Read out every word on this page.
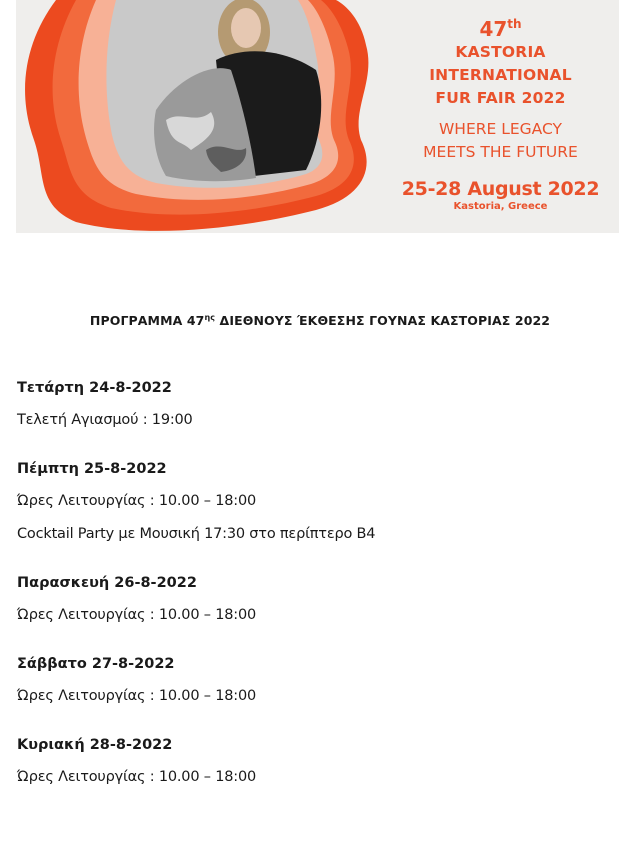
47th
KASTORIA
INTERNATIONAL
FUR FAIR 2022
WHERE LEGACY
MEETS THE FUTURE
25-28 August 2022
Kastoria, Greece
ΠΡΟΓΡΑΜΜΑ $47^{\eta\varsigma}$ ΔΙΕΘΝΟΥΣ ΈΚΘΕΣΗΣ ΓΟΥΝΑΣ ΚΑΣΤΟΡΙΑΣ 2022
Τετάρτη 24-8-2022
Τελετή Αγιασμού : 19:00
Πέμπτη 25-8-2022
Ώρες Λειτουργίας : 10.00 – 18:00
Cocktail Party με Μουσική 17:30 στο περίπτερο Β4
Παρασκευή 26-8-2022
Ώρες Λειτουργίας : 10.00 – 18:00
Σάββατο 27-8-2022
Ώρες Λειτουργίας : 10.00 – 18:00
Κυριακή 28-8-2022
Ώρες Λειτουργίας : 10.00 – 18:00
